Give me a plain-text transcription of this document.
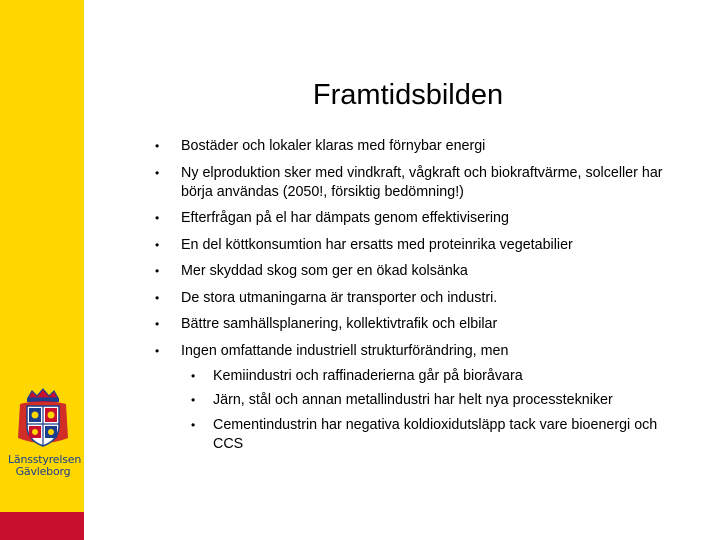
Länsstyrelsen
Gävleborg
Framtidsbilden
• Bostäder och lokaler klaras med förnybar energi
• Ny elproduktion sker med vindkraft, vågkraft och biokraftvärme, solceller har börja användas (2050!, försiktig bedömning!)
• Efterfrågan på el har dämpats genom effektivisering
• En del köttkonsumtion har ersatts med proteinrika vegetabilier
• Mer skyddad skog som ger en ökad kolsänka
• De stora utmaningarna är transporter och industri.
• Bättre samhällsplanering, kollektivtrafik och elbilar
• Ingen omfattande industriell strukturförändring, men
• Kemiindustri och raffinaderierna går på bioråvara
• Järn, stål och annan metallindustri har helt nya processtekniker
• Cementindustrin har negativa koldioxidutsläpp tack vare bioenergi och CCS
